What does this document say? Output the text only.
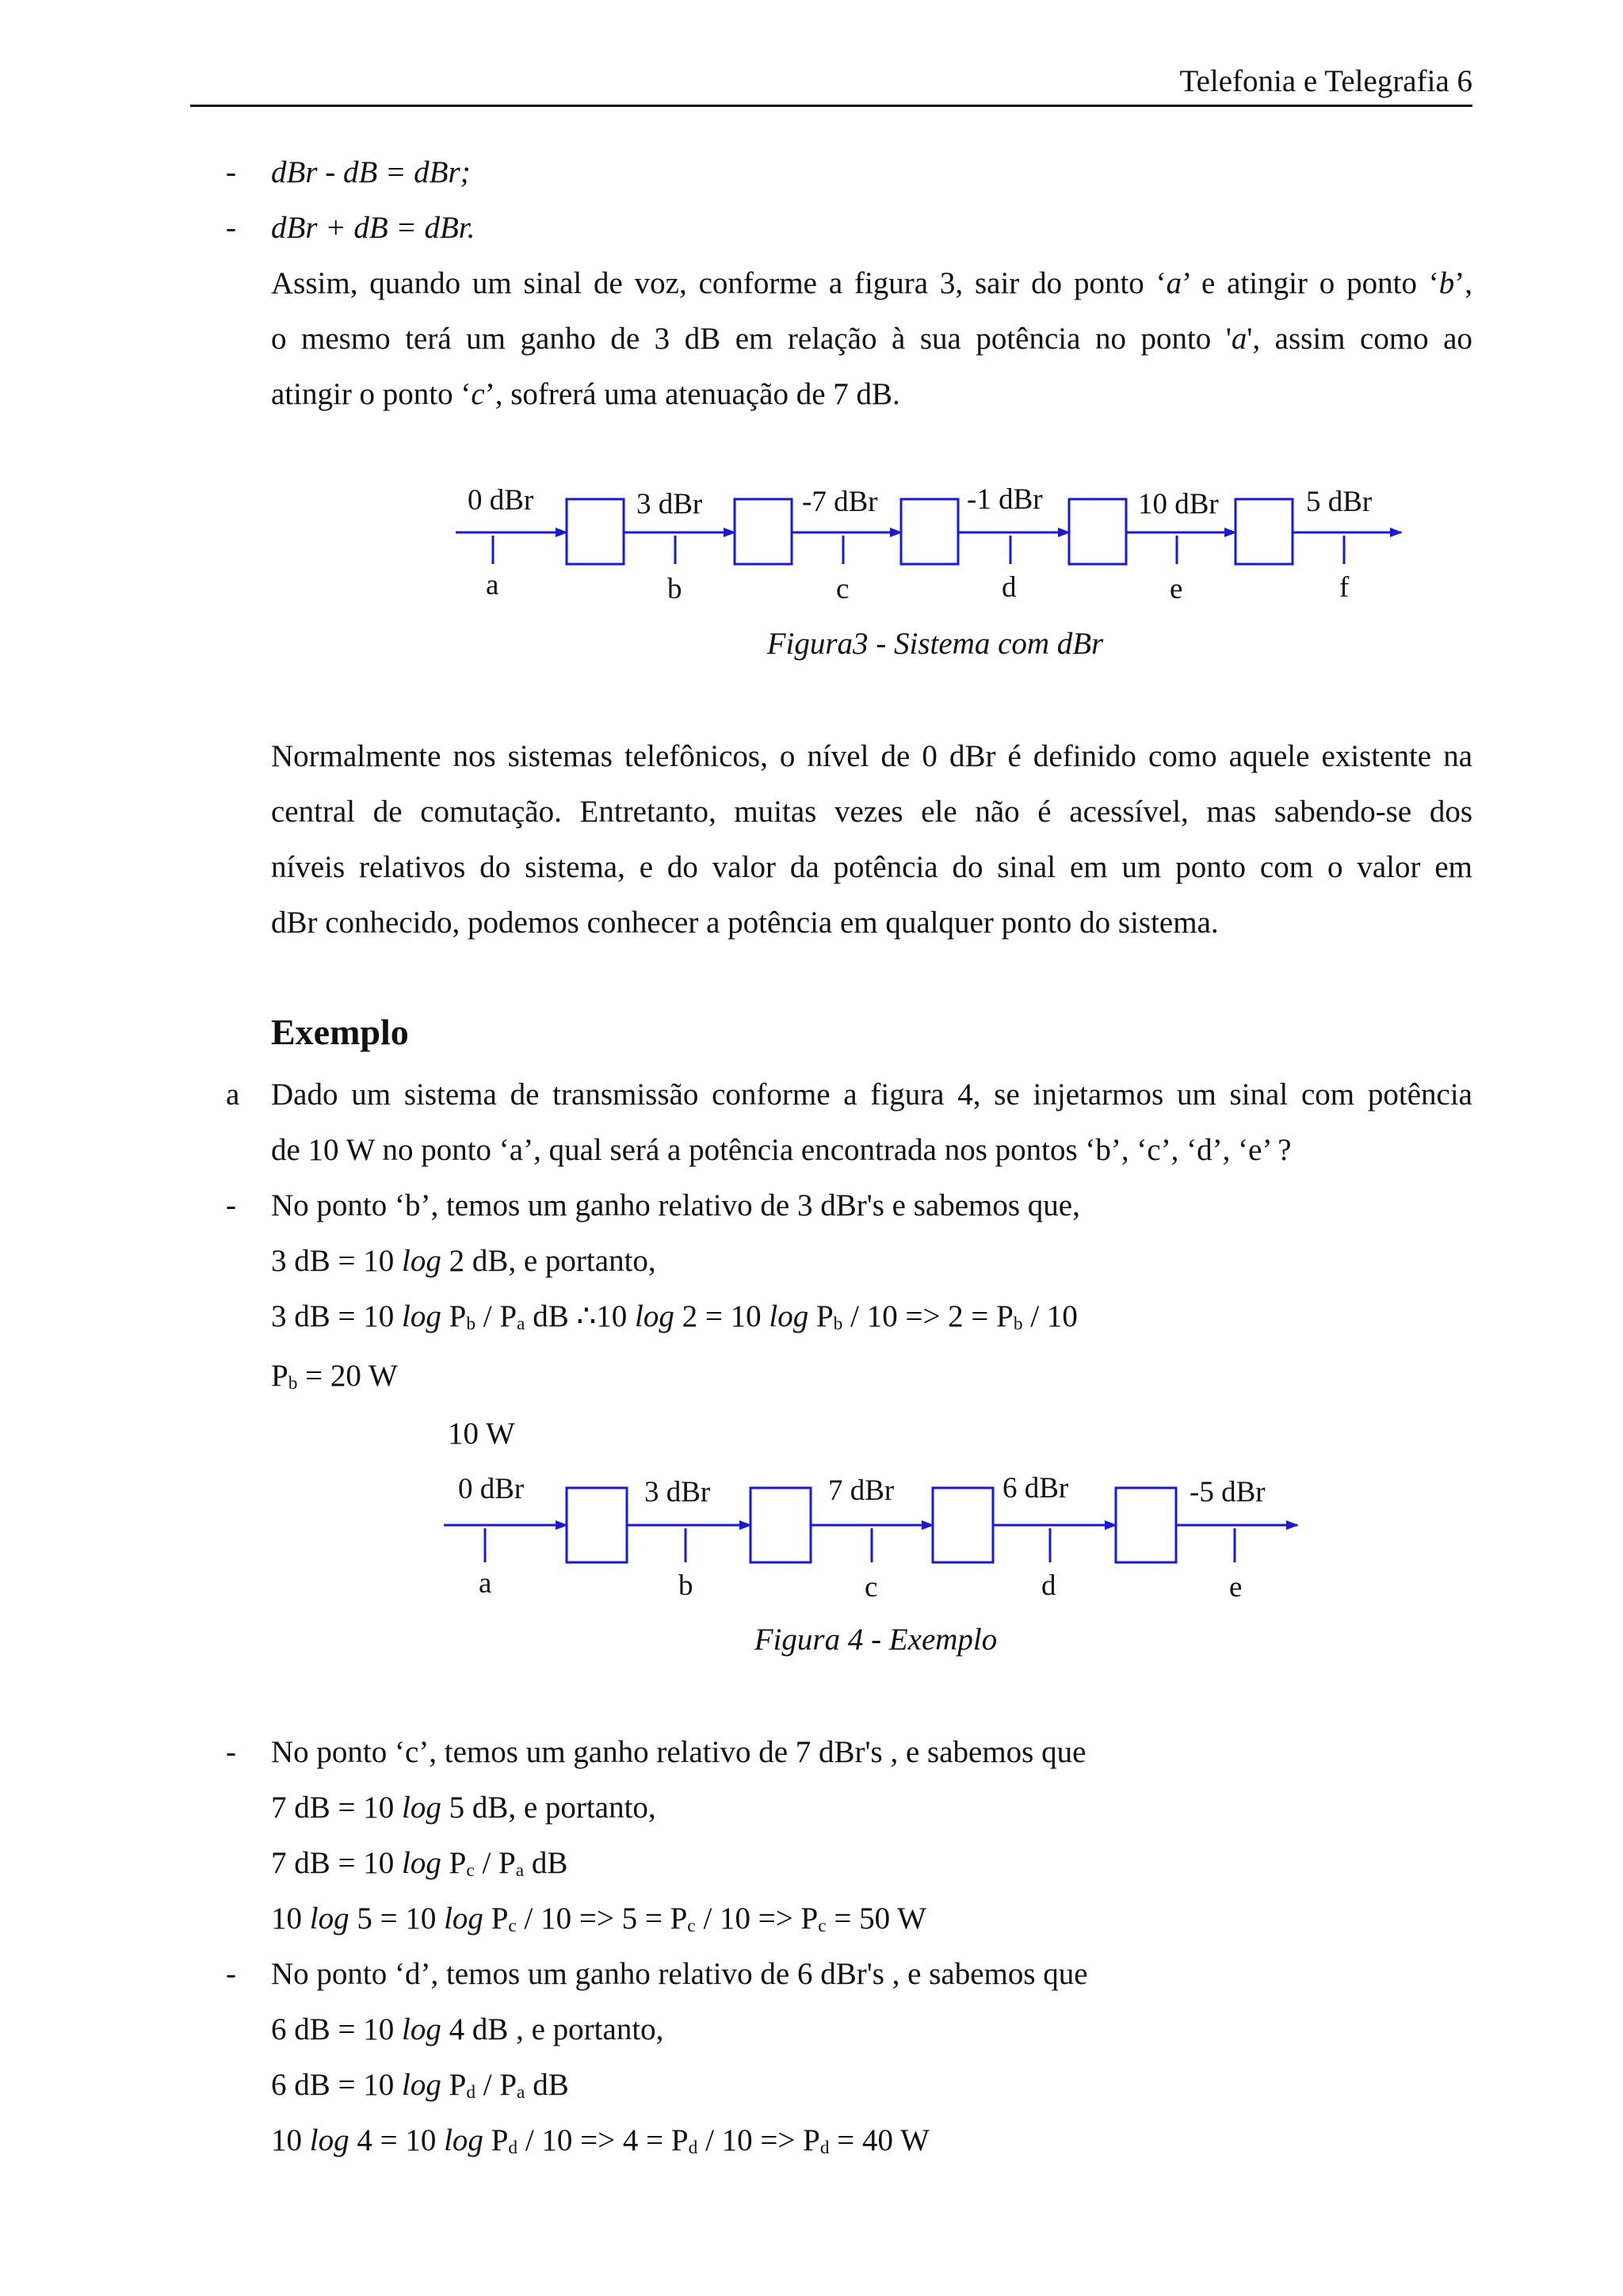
Telefonia e Telegrafia 6
- dBr - dB = dBr;
- dBr + dB = dBr.
Assim, quando um sinal de voz, conforme a figura 3, sair do ponto ‘a’ e atingir o ponto ‘b’,
o mesmo terá um ganho de 3 dB em relação à sua potência no ponto 'a', assim como ao
atingir o ponto ‘c’, sofrerá uma atenuação de 7 dB.
0 dBr	3 dBr	-7 dBr	-1 dBr	10 dBr	5 dBr
a	b	c	d	e	f
Figura3 - Sistema com dBr
Normalmente nos sistemas telefônicos, o nível de 0 dBr é definido como aquele existente na
central de comutação. Entretanto, muitas vezes ele não é acessível, mas sabendo-se dos
níveis relativos do sistema, e do valor da potência do sinal em um ponto com o valor em
dBr conhecido, podemos conhecer a potência em qualquer ponto do sistema.
Exemplo
a Dado um sistema de transmissão conforme a figura 4, se injetarmos um sinal com potência
de 10 W no ponto ‘a’, qual será a potência encontrada nos pontos ‘b’, ‘c’, ‘d’, ‘e’ ?
- No ponto ‘b’, temos um ganho relativo de 3 dBr's e sabemos que,
3 dB = 10 log 2 dB, e portanto,
3 dB = 10 $\log P_b / P_a$ dB ∴10 log 2 = 10 $\log P_b / 10 => 2 = P_b / 10$
$P_b = 20$ W
10 W
0 dBr	3 dBr	7 dBr	6 dBr	-5 dBr
a	b	c	d	e
Figura 4 - Exemplo
- No ponto ‘c’, temos um ganho relativo de 7 dBr's , e sabemos que
7 dB = 10 log 5 dB, e portanto,
7 dB = 10 $\log P_c / P_a$ dB
10 log 5 = 10 $\log P_c / 10 => 5 = P_c / 10 => P_c = 50$ W
- No ponto ‘d’, temos um ganho relativo de 6 dBr's , e sabemos que
6 dB = 10 log 4 dB , e portanto,
6 dB = 10 $\log P_d / P_a$ dB
10 log 4 = 10 $\log P_d / 10 => 4 = P_d / 10 => P_d = 40$ W
